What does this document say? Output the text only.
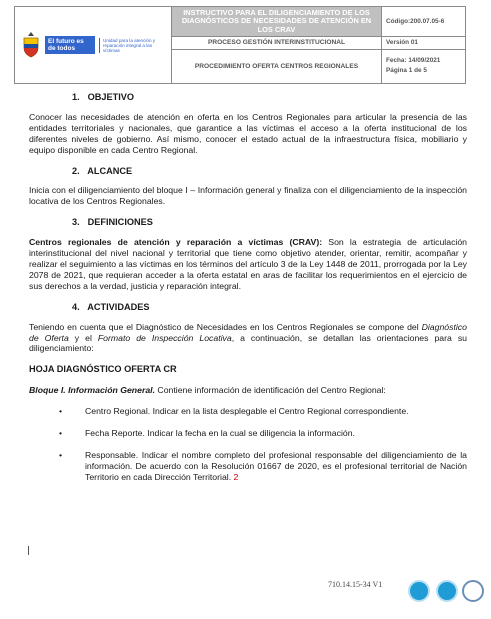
El futuro es de todos
Unidad para la atención y reparación integral a las víctimas	INSTRUCTIVO PARA EL DILIGENCIAMIENTO DE LOS DIAGNÓSTICOS DE NECESIDADES DE ATENCIÓN EN LOS CRAV	Código:200.07.05-6
	PROCESO GESTIÓN INTERINSTITUCIONAL	Versión 01
	PROCEDIMIENTO OFERTA CENTROS REGIONALES	Fecha: 14/09/2021
Página 1 de 5
1. OBJETIVO
Conocer las necesidades de atención en oferta en los Centros Regionales para articular la presencia de las entidades territoriales y nacionales, que garantice a las víctimas el acceso a la oferta institucional de los diferentes niveles de gobierno. Así mismo, conocer el estado actual de la infraestructura física, mobiliario y equipo disponible en cada Centro Regional.
2. ALCANCE
Inicia con el diligenciamiento del bloque I – Información general y finaliza con el diligenciamiento de la inspección locativa de los Centros Regionales.
3. DEFINICIONES
Centros regionales de atención y reparación a víctimas (CRAV): Son la estrategia de articulación interinstitucional del nivel nacional y territorial que tiene como objetivo atender, orientar, remitir, acompañar y realizar el seguimiento a las víctimas en los términos del artículo 3 de la Ley 1448 de 2011, prorrogada por la Ley 2078 de 2021, que requieran acceder a la oferta estatal en aras de facilitar los requerimientos en el ejercicio de sus derechos a la verdad, justicia y reparación integral.
4. ACTIVIDADES
Teniendo en cuenta que el Diagnóstico de Necesidades en los Centros Regionales se compone del Diagnóstico de Oferta y el Formato de Inspección Locativa, a continuación, se detallan las orientaciones para su diligenciamiento:
HOJA DIAGNÓSTICO OFERTA CR
Bloque I. Información General. Contiene información de identificación del Centro Regional:
• Centro Regional. Indicar en la lista desplegable el Centro Regional correspondiente.
• Fecha Reporte. Indicar la fecha en la cual se diligencia la información.
• Responsable. Indicar el nombre completo del profesional responsable del diligenciamiento de la información. De acuerdo con la Resolución 01667 de 2020, es el profesional territorial de Nación Territorio en cada Dirección Territorial. 2
710.14.15-34 V1
